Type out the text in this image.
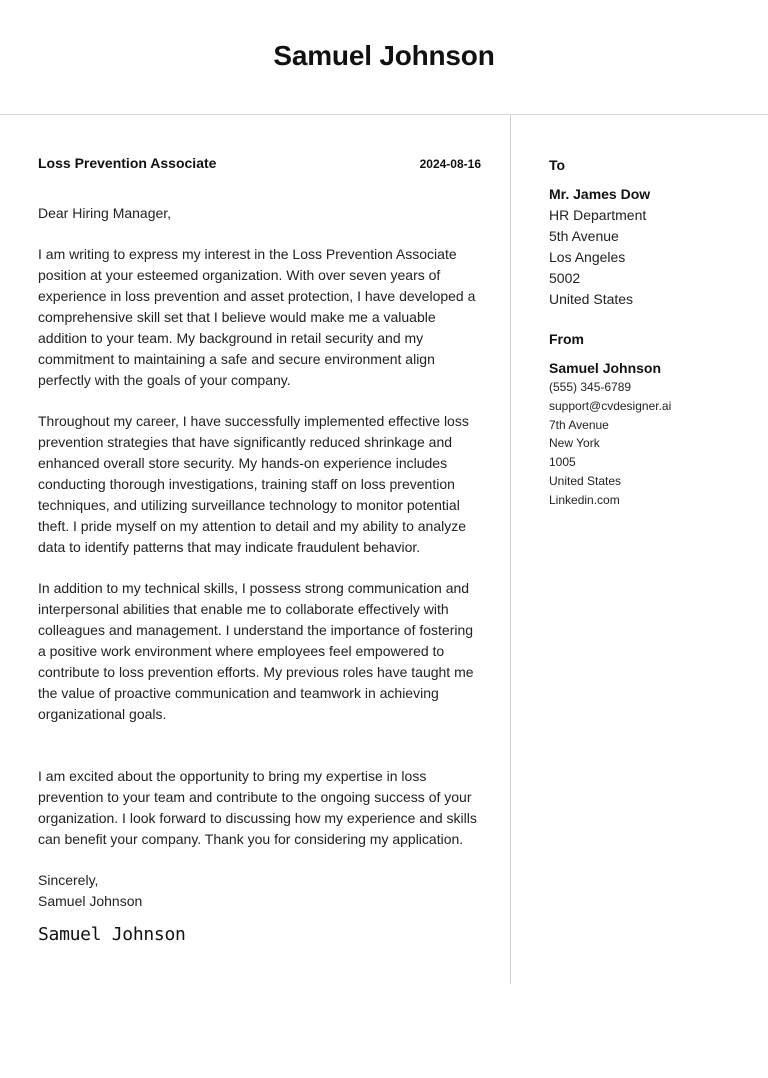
Samuel Johnson
Loss Prevention Associate	2024-08-16
Dear Hiring Manager,
I am writing to express my interest in the Loss Prevention Associate position at your esteemed organization. With over seven years of experience in loss prevention and asset protection, I have developed a comprehensive skill set that I believe would make me a valuable addition to your team. My background in retail security and my commitment to maintaining a safe and secure environment align perfectly with the goals of your company.
Throughout my career, I have successfully implemented effective loss prevention strategies that have significantly reduced shrinkage and enhanced overall store security. My hands-on experience includes conducting thorough investigations, training staff on loss prevention techniques, and utilizing surveillance technology to monitor potential theft. I pride myself on my attention to detail and my ability to analyze data to identify patterns that may indicate fraudulent behavior.
In addition to my technical skills, I possess strong communication and interpersonal abilities that enable me to collaborate effectively with colleagues and management. I understand the importance of fostering a positive work environment where employees feel empowered to contribute to loss prevention efforts. My previous roles have taught me the value of proactive communication and teamwork in achieving organizational goals.
I am excited about the opportunity to bring my expertise in loss prevention to your team and contribute to the ongoing success of your organization. I look forward to discussing how my experience and skills can benefit your company. Thank you for considering my application.
Sincerely,
Samuel Johnson
Samuel Johnson
To
Mr. James Dow
HR Department
5th Avenue
Los Angeles
5002
United States
From
Samuel Johnson
(555) 345-6789
support@cvdesigner.ai
7th Avenue
New York
1005
United States
Linkedin.com
